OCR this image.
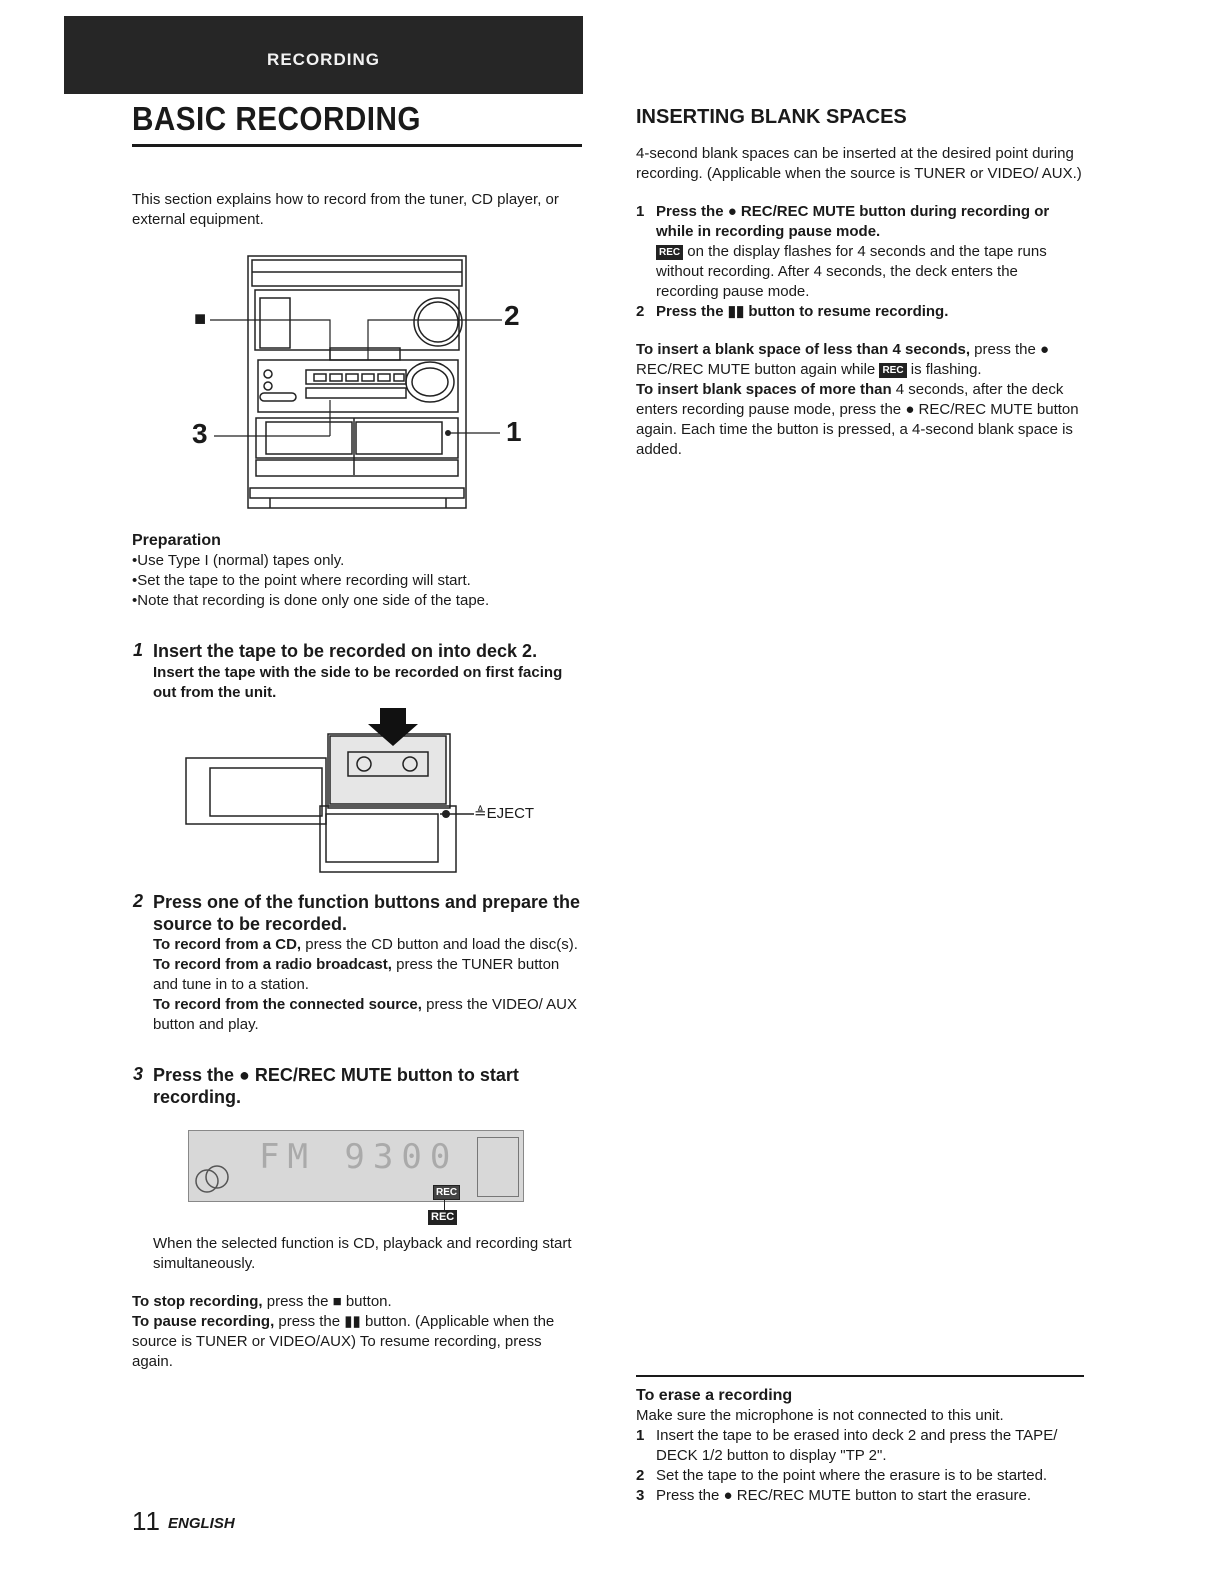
RECORDING
BASIC RECORDING
This section explains how to record from the tuner, CD player, or external equipment.
■	2
3	1
Preparation
• Use Type I (normal) tapes only.
• Set the tape to the point where recording will start.
• Note that recording is done only one side of the tape.
1 Insert the tape to be recorded on into deck 2.
Insert the tape with the side to be recorded on first facing out from the unit.
≜EJECT
2 Press one of the function buttons and prepare the source to be recorded.

To record from a CD, press the CD button and load the disc(s).

To record from a radio broadcast, press the TUNER button and tune in to a station.

To record from the connected source, press the VIDEO/ AUX button and play.

3 Press the ● REC/REC MUTE button to start
recording.
FM 9300
REC
REC
When the selected function is CD, playback and recording start simultaneously.

To stop recording, press the ■ button.

To pause recording, press the ▮▮ button. (Applicable when the source is TUNER or VIDEO/AUX) To resume recording, press again.

11 ENGLISH
INSERTING BLANK SPACES
4-second blank spaces can be inserted at the desired point during recording. (Applicable when the source is TUNER or VIDEO/ AUX.)
1 Press the ● REC/REC MUTE button during recording or while in recording pause mode.
REC on the display flashes for 4 seconds and the tape runs without recording. After 4 seconds, the deck enters the recording pause mode.
2 Press the ▮▮ button to resume recording.

To insert a blank space of less than 4 seconds, press the ● REC/REC MUTE button again while REC is flashing.

To insert blank spaces of more than 4 seconds, after the deck enters recording pause mode, press the ● REC/REC MUTE button again. Each time the button is pressed, a 4-second blank space is added.

To erase a recording
Make sure the microphone is not connected to this unit.
1 Insert the tape to be erased into deck 2 and press the TAPE/ DECK 1/2 button to display "TP 2".
2 Set the tape to the point where the erasure is to be started.
3 Press the ● REC/REC MUTE button to start the erasure.
